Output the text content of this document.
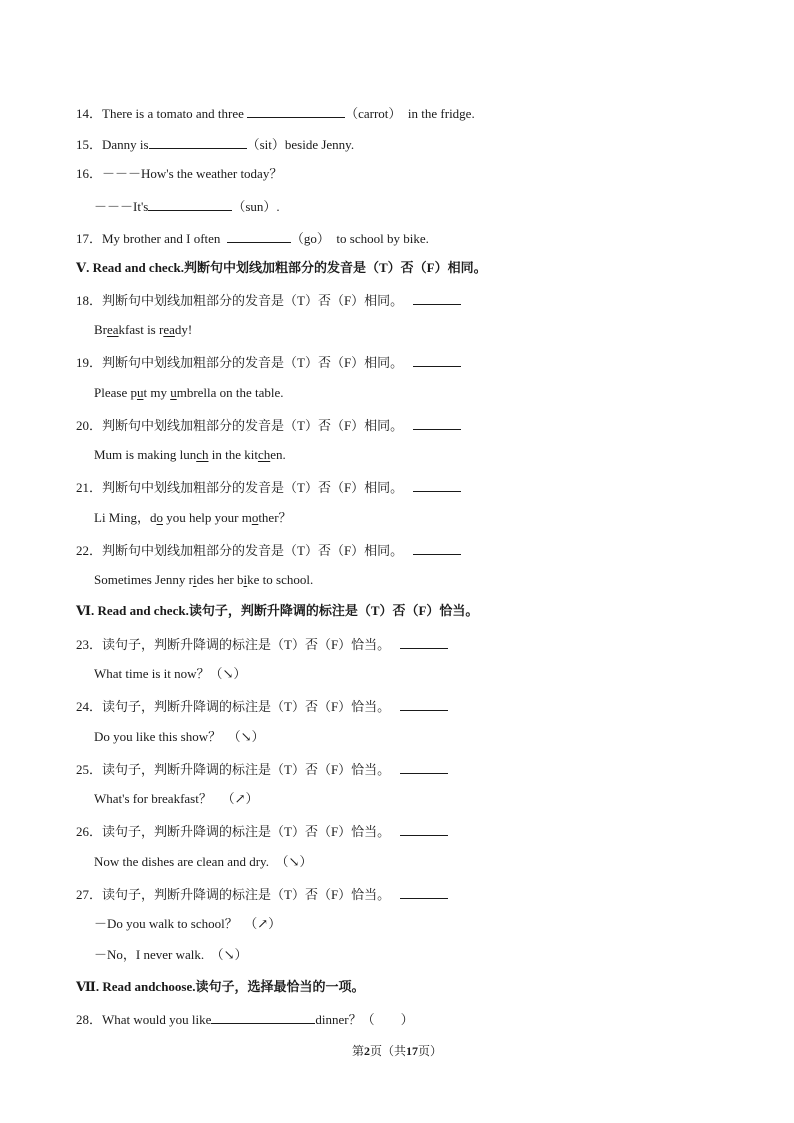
14．There is a tomato and three	（carrot）  in the fridge.
15．Danny is	（sit）beside Jenny.
16．－－－How's the weather today？
－－－It's	（sun）.
17．My brother and I often	（go）  to school by bike.
Ⅴ. Read and check.判断句中划线加粗部分的发音是（T）否（F）相同。
18．判断句中划线加粗部分的发音是（T）否（F）相同。
Breakfast is ready!
19．判断句中划线加粗部分的发音是（T）否（F）相同。
Please put my umbrella on the table.
20．判断句中划线加粗部分的发音是（T）否（F）相同。
Mum is making lunch in the kitchen.
21．判断句中划线加粗部分的发音是（T）否（F）相同。
Li Ming，do you help your mother？
22．判断句中划线加粗部分的发音是（T）否（F）相同。
Sometimes Jenny rides her bike to school.
Ⅵ. Read and check.读句子，判断升降调的标注是（T）否（F）恰当。
23．读句子，判断升降调的标注是（T）否（F）恰当。
What time is it now？（↘）
24．读句子，判断升降调的标注是（T）否（F）恰当。
Do you like this show？  （↘）
25．读句子，判断升降调的标注是（T）否（F）恰当。
What's for breakfast？   （↗）
26．读句子，判断升降调的标注是（T）否（F）恰当。
Now the dishes are clean and dry.  （↘）
27．读句子，判断升降调的标注是（T）否（F）恰当。
－Do you walk to school？  （↗）
－No，I never walk.  （↘）
Ⅶ. Read andchoose.读句子，选择最恰当的一项。
28．What would you like	dinner？（        ）
第2页（共17页）
